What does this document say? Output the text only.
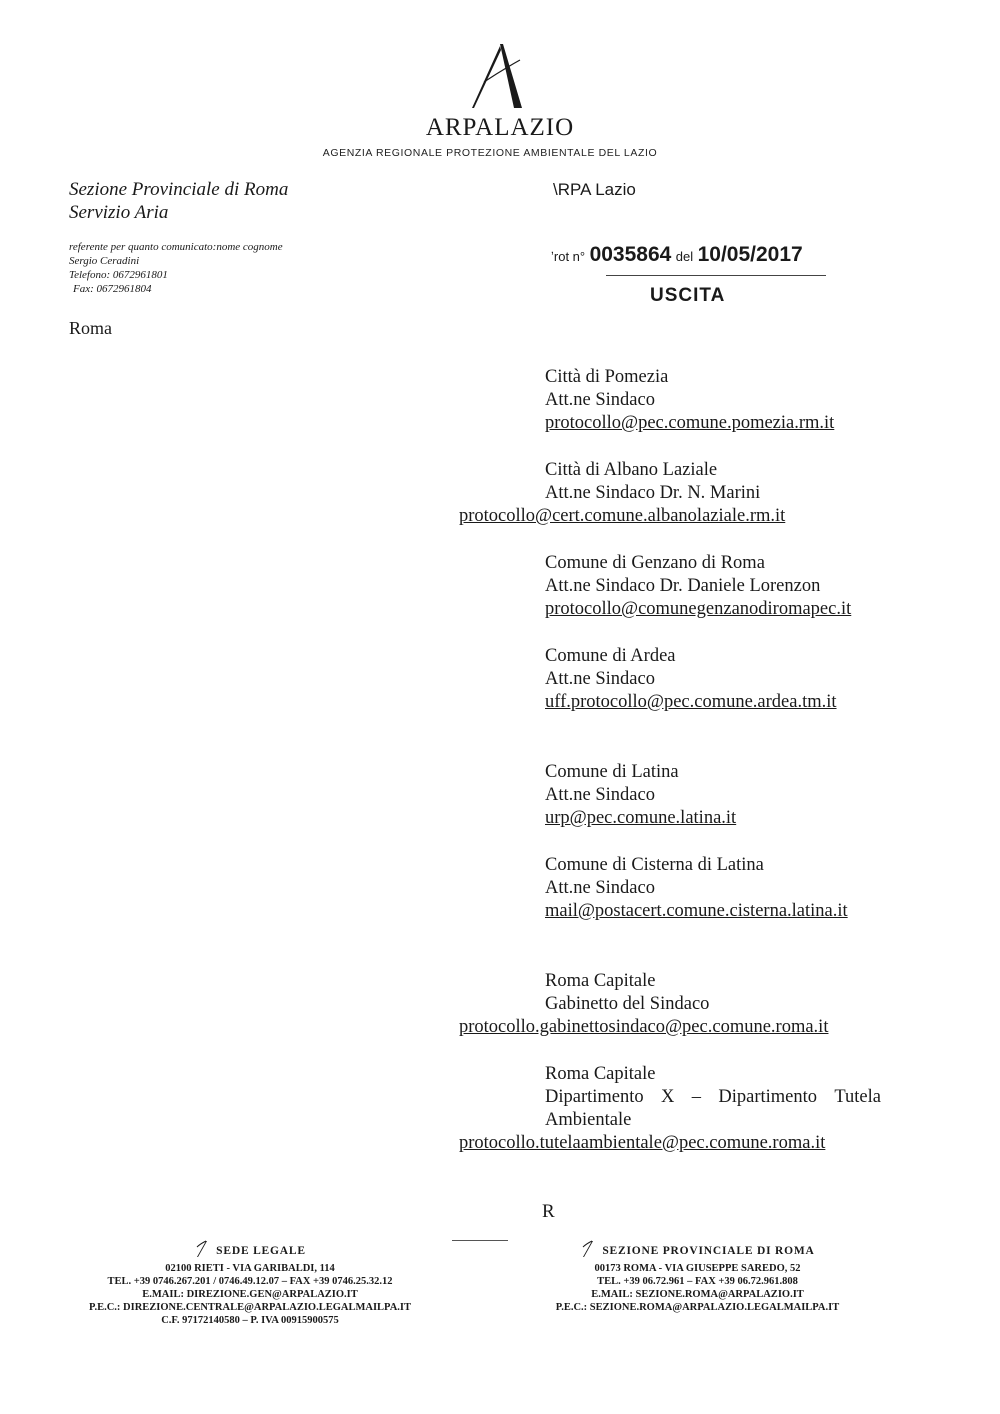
ARPALAZIO
AGENZIA REGIONALE PROTEZIONE AMBIENTALE DEL LAZIO
Sezione Provinciale di Roma
Servizio Aria
referente per quanto comunicato:nome cognome
Sergio Ceradini
Telefono: 0672961801
Fax: 0672961804
Roma
\RPA Lazio
ʼrot n° 0035864 del 10/05/2017
USCITA
Città di Pomezia
Att.ne Sindaco
protocollo@pec.comune.pomezia.rm.it
Città di Albano Laziale
Att.ne Sindaco Dr. N. Marini
protocollo@cert.comune.albanolaziale.rm.it
Comune di Genzano di Roma
Att.ne Sindaco Dr. Daniele Lorenzon
protocollo@comunegenzanodiromapec.it
Comune di Ardea
Att.ne Sindaco
uff.protocollo@pec.comune.ardea.tm.it
Comune di Latina
Att.ne Sindaco
urp@pec.comune.latina.it
Comune di Cisterna di Latina
Att.ne Sindaco
mail@postacert.comune.cisterna.latina.it
Roma Capitale
Gabinetto del Sindaco
protocollo.gabinettosindaco@pec.comune.roma.it
Roma Capitale
Dipartimento X – Dipartimento Tutela
Ambientale
protocollo.tutelaambientale@pec.comune.roma.it
R
SEDE LEGALE
02100 RIETI - VIA GARIBALDI, 114
TEL. +39 0746.267.201 / 0746.49.12.07 – FAX +39 0746.25.32.12
E.MAIL: DIREZIONE.GEN@ARPALAZIO.IT
P.E.C.: DIREZIONE.CENTRALE@ARPALAZIO.LEGALMAILPA.IT
C.F. 97172140580 – P. IVA 00915900575
SEZIONE PROVINCIALE DI ROMA
00173 ROMA - VIA GIUSEPPE SAREDO, 52
TEL. +39 06.72.961 – FAX +39 06.72.961.808
E.MAIL: SEZIONE.ROMA@ARPALAZIO.IT
P.E.C.: SEZIONE.ROMA@ARPALAZIO.LEGALMAILPA.IT
